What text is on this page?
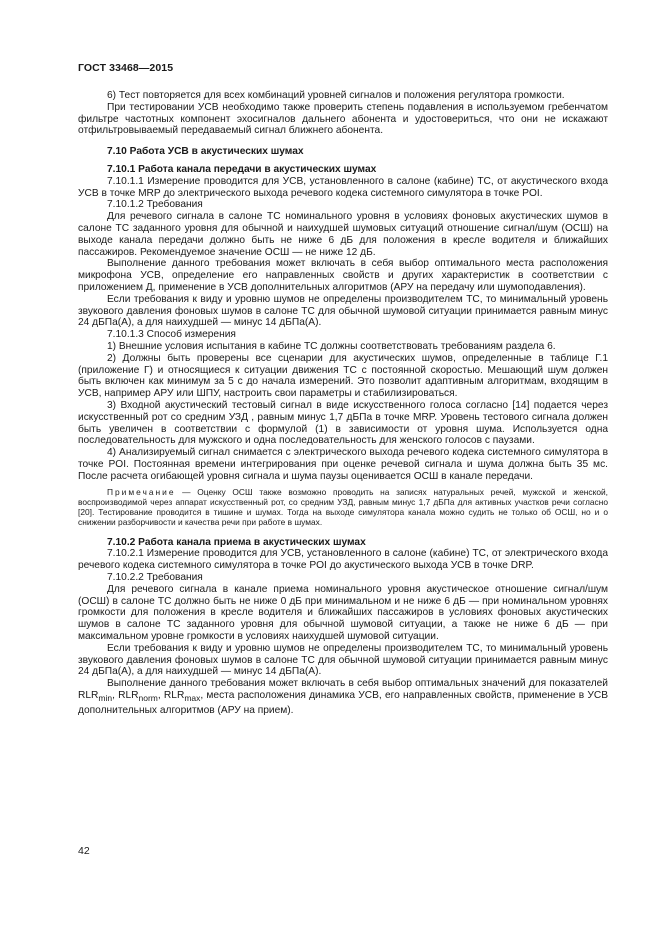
ГОСТ 33468—2015

6) Тест повторяется для всех комбинаций уровней сигналов и положения регулятора громкости.

При тестировании УСВ необходимо также проверить степень подавления в используемом гребенчатом фильтре частотных компонент эхосигналов дальнего абонента и удостовериться, что они не искажают отфильтровываемый передаваемый сигнал ближнего абонента.

7.10 Работа УСВ в акустических шумах

7.10.1 Работа канала передачи в акустических шумах

7.10.1.1 Измерение проводится для УСВ, установленного в салоне (кабине) ТС, от акустического входа УСВ в точке MRP до электрического выхода речевого кодека системного симулятора в точке POI.

7.10.1.2 Требования

Для речевого сигнала в салоне ТС номинального уровня в условиях фоновых акустических шумов в салоне ТС заданного уровня для обычной и наихудшей шумовых ситуаций отношение сигнал/шум (ОСШ) на выходе канала передачи должно быть не ниже 6 дБ для положения в кресле водителя и ближайших пассажиров. Рекомендуемое значение ОСШ — не ниже 12 дБ.

Выполнение данного требования может включать в себя выбор оптимального места расположения микрофона УСВ, определение его направленных свойств и других характеристик в соответствии с приложением Д, применение в УСВ дополнительных алгоритмов (АРУ на передачу или шумоподавления).

Если требования к виду и уровню шумов не определены производителем ТС, то минимальный уровень звукового давления фоновых шумов в салоне ТС для обычной шумовой ситуации принимается равным минус 24 дБПа(А), а для наихудшей — минус 14 дБПа(А).

7.10.1.3 Способ измерения

1) Внешние условия испытания в кабине ТС должны соответствовать требованиям раздела 6.

2) Должны быть проверены все сценарии для акустических шумов, определенные в таблице Г.1 (приложение Г) и относящиеся к ситуации движения ТС с постоянной скоростью. Мешающий шум должен быть включен как минимум за 5 с до начала измерений. Это позволит адаптивным алгоритмам, входящим в УСВ, например АРУ или ШПУ, настроить свои параметры и стабилизироваться.

3) Входной акустический тестовый сигнал в виде искусственного голоса согласно [14] подается через искусственный рот со средним УЗД , равным минус 1,7 дБПа в точке MRP. Уровень тестового сигнала должен быть увеличен в соответствии с формулой (1) в зависимости от уровня шума. Используется одна последовательность для мужского и одна последовательность для женского голосов с паузами.

4) Анализируемый сигнал снимается с электрического выхода речевого кодека системного симулятора в точке POI. Постоянная времени интегрирования при оценке речевой сигнала и шума должна быть 35 мс. После расчета огибающей уровня сигнала и шума паузы оценивается ОСШ в канале передачи.

Примечание — Оценку ОСШ также возможно проводить на записях натуральных речей, мужской и женской, воспроизводимой через аппарат искусственный рот, со средним УЗД, равным минус 1,7 дБПа для активных участков речи согласно [20]. Тестирование проводится в тишине и шумах. Тогда на выходе симулятора канала можно судить не только об ОСШ, но и о снижении разборчивости и качества речи при работе в шумах.

7.10.2 Работа канала приема в акустических шумах

7.10.2.1 Измерение проводится для УСВ, установленного в салоне (кабине) ТС, от электрического входа речевого кодека системного симулятора в точке POI до акустического выхода УСВ в точке DRP.

7.10.2.2 Требования

Для речевого сигнала в канале приема номинального уровня акустическое отношение сигнал/шум (ОСШ) в салоне ТС должно быть не ниже 0 дБ при минимальном и не ниже 6 дБ — при номинальном уровнях громкости для положения в кресле водителя и ближайших пассажиров в условиях фоновых акустических шумов в салоне ТС заданного уровня для обычной шумовой ситуации, а также не ниже 6 дБ — при максимальном уровне громкости в условиях наихудшей шумовой ситуации.

Если требования к виду и уровню шумов не определены производителем ТС, то минимальный уровень звукового давления фоновых шумов в салоне ТС для обычной шумовой ситуации принимается равным минус 24 дБПа(А), а для наихудшей — минус 14 дБПа(А).

Выполнение данного требования может включать в себя выбор оптимальных значений для показателей $RLR_{min}$, $RLR_{norm}$, $RLR_{max}$, места расположения динамика УСВ, его направленных свойств, применение в УСВ дополнительных алгоритмов (АРУ на прием).

42
